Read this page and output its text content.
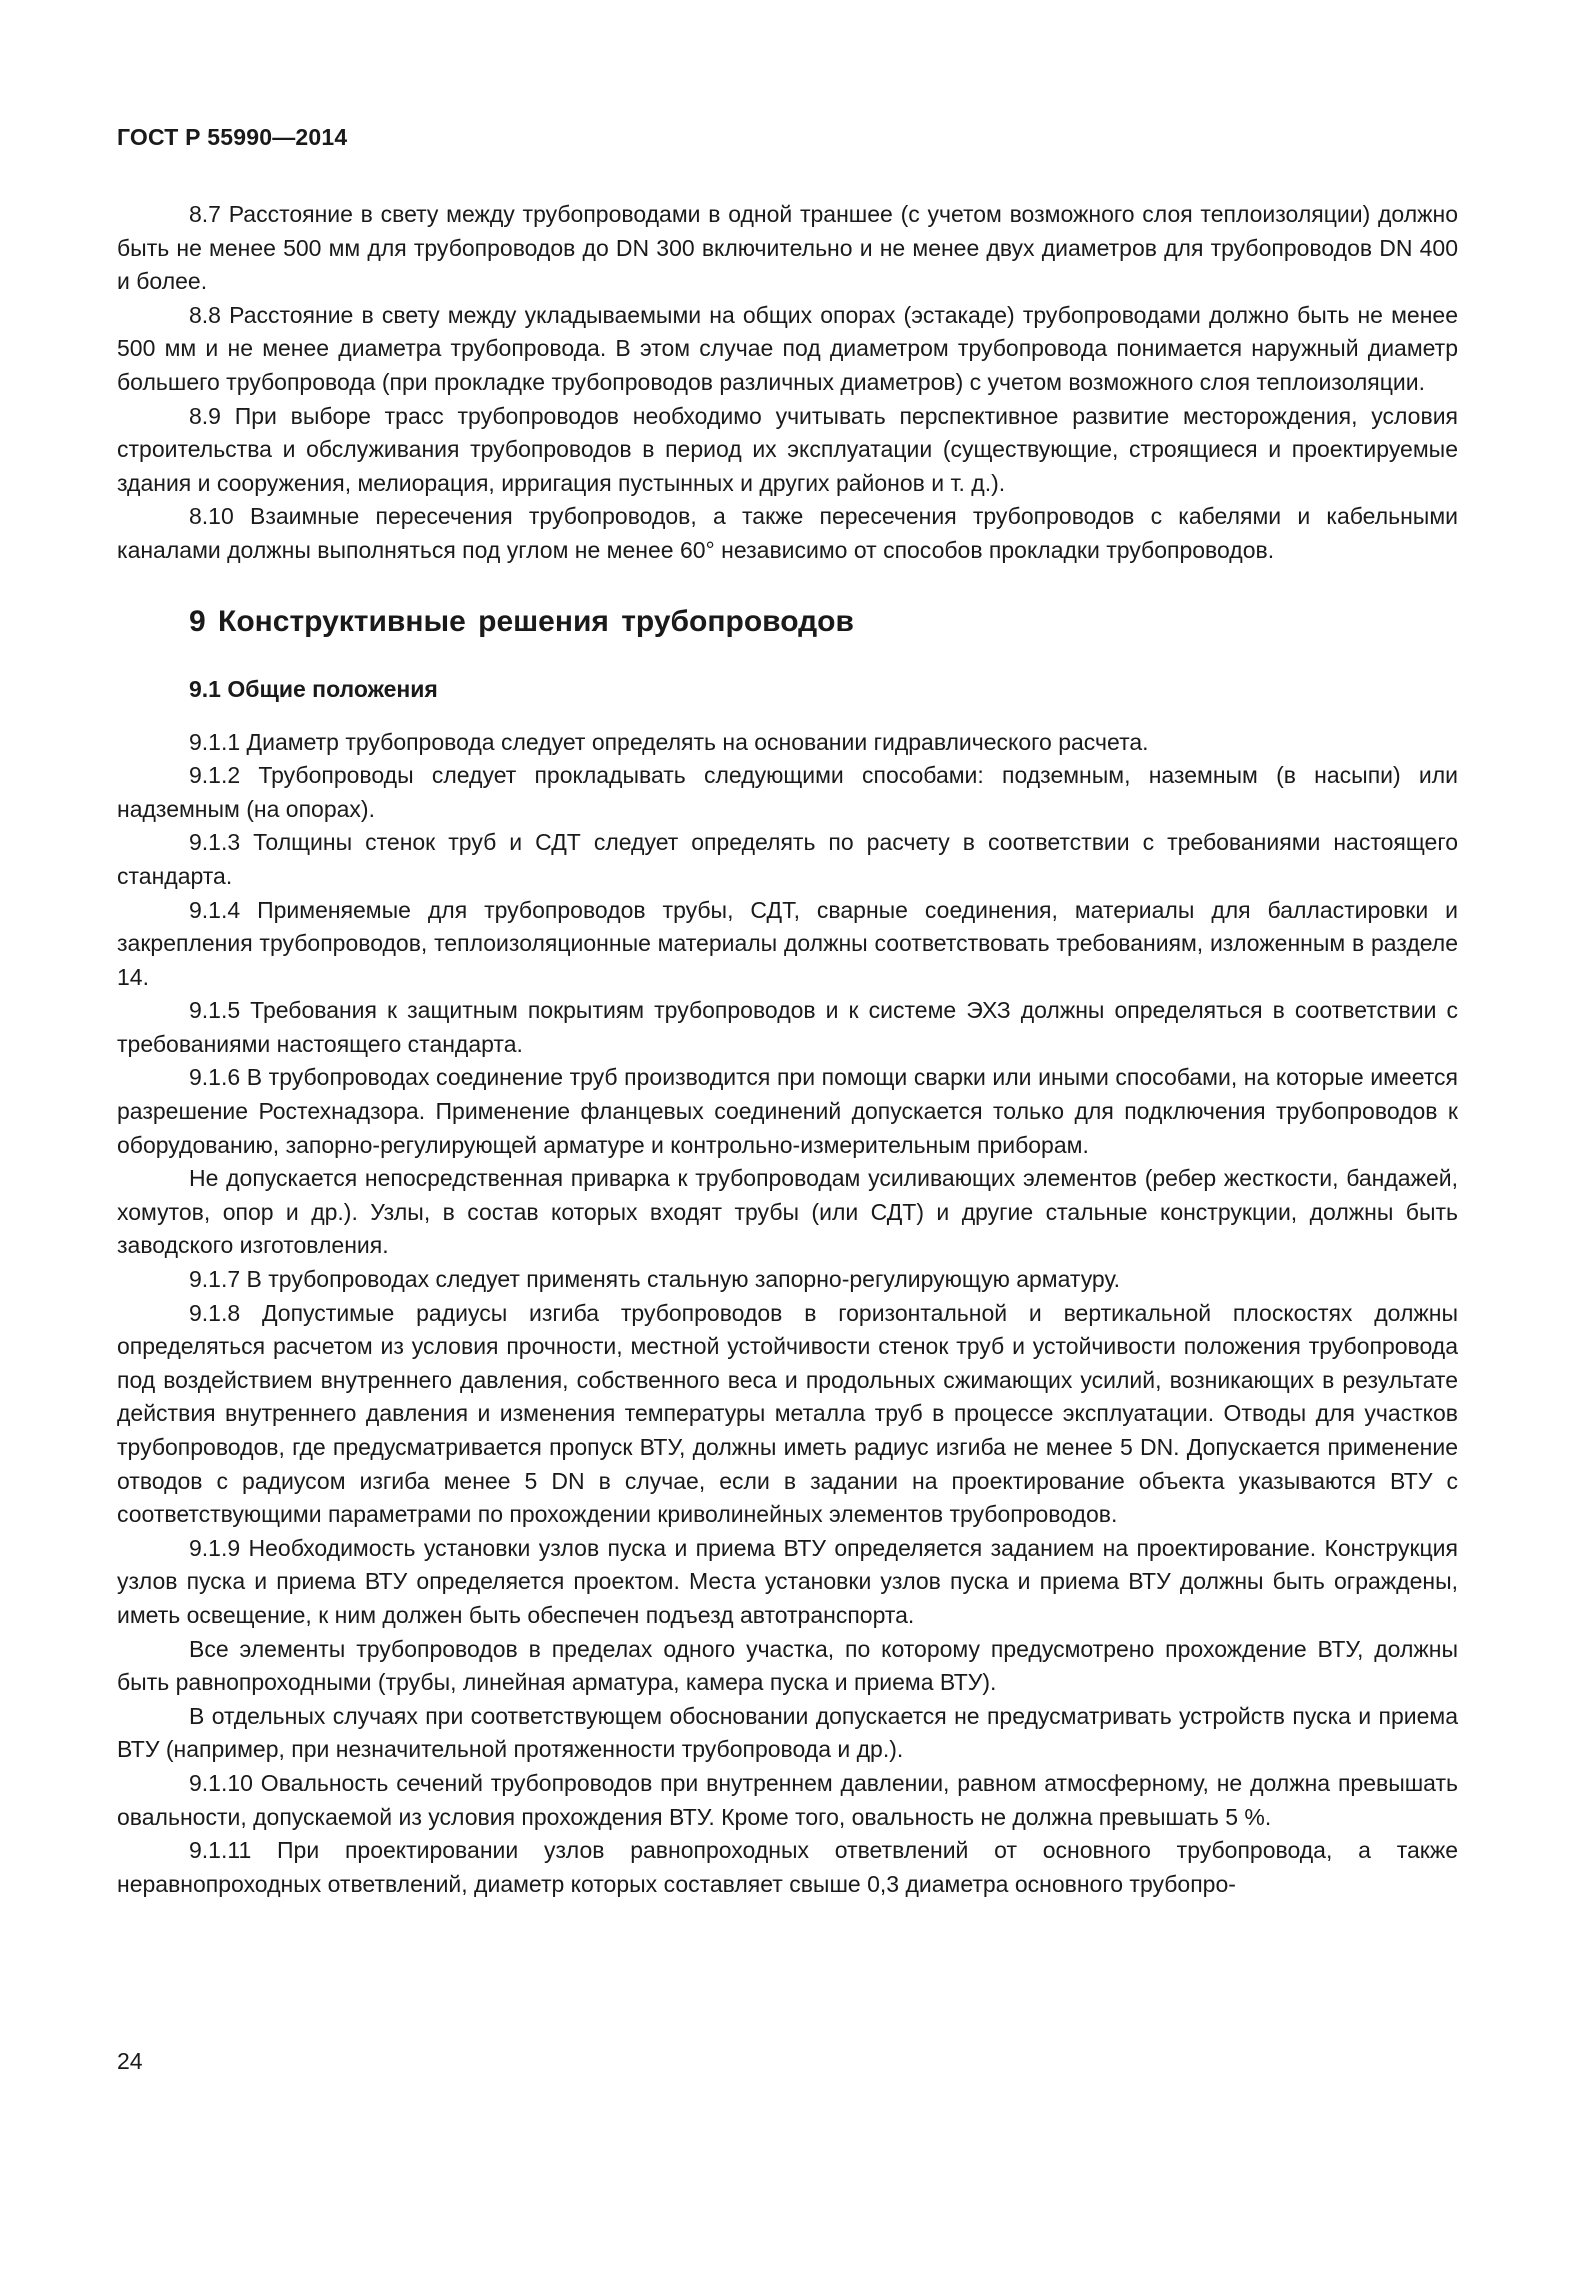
ГОСТ Р 55990—2014

8.7 Расстояние в свету между трубопроводами в одной траншее (с учетом возможного слоя теплоизоляции) должно быть не менее 500 мм для трубопроводов до DN 300 включительно и не менее двух диаметров для трубопроводов DN 400 и более.

8.8 Расстояние в свету между укладываемыми на общих опорах (эстакаде) трубопроводами должно быть не менее 500 мм и не менее диаметра трубопровода. В этом случае под диаметром трубопровода понимается наружный диаметр большего трубопровода (при прокладке трубопроводов различных диаметров) с учетом возможного слоя теплоизоляции.

8.9 При выборе трасс трубопроводов необходимо учитывать перспективное развитие месторождения, условия строительства и обслуживания трубопроводов в период их эксплуатации (существующие, строящиеся и проектируемые здания и сооружения, мелиорация, ирригация пустынных и других районов и т. д.).

8.10 Взаимные пересечения трубопроводов, а также пересечения трубопроводов с кабелями и кабельными каналами должны выполняться под углом не менее 60° независимо от способов прокладки трубопроводов.

9 Конструктивные решения трубопроводов
9.1 Общие положения

9.1.1 Диаметр трубопровода следует определять на основании гидравлического расчета.

9.1.2 Трубопроводы следует прокладывать следующими способами: подземным, наземным (в насыпи) или надземным (на опорах).

9.1.3 Толщины стенок труб и СДТ следует определять по расчету в соответствии с требованиями настоящего стандарта.

9.1.4 Применяемые для трубопроводов трубы, СДТ, сварные соединения, материалы для балластировки и закрепления трубопроводов, теплоизоляционные материалы должны соответствовать требованиям, изложенным в разделе 14.

9.1.5 Требования к защитным покрытиям трубопроводов и к системе ЭХЗ должны определяться в соответствии с требованиями настоящего стандарта.

9.1.6 В трубопроводах соединение труб производится при помощи сварки или иными способами, на которые имеется разрешение Ростехнадзора. Применение фланцевых соединений допускается только для подключения трубопроводов к оборудованию, запорно-регулирующей арматуре и контрольно-измерительным приборам.

Не допускается непосредственная приварка к трубопроводам усиливающих элементов (ребер жесткости, бандажей, хомутов, опор и др.). Узлы, в состав которых входят трубы (или СДТ) и другие стальные конструкции, должны быть заводского изготовления.

9.1.7 В трубопроводах следует применять стальную запорно-регулирующую арматуру.

9.1.8 Допустимые радиусы изгиба трубопроводов в горизонтальной и вертикальной плоскостях должны определяться расчетом из условия прочности, местной устойчивости стенок труб и устойчивости положения трубопровода под воздействием внутреннего давления, собственного веса и продольных сжимающих усилий, возникающих в результате действия внутреннего давления и изменения температуры металла труб в процессе эксплуатации. Отводы для участков трубопроводов, где предусматривается пропуск ВТУ, должны иметь радиус изгиба не менее 5 DN. Допускается применение отводов с радиусом изгиба менее 5 DN в случае, если в задании на проектирование объекта указываются ВТУ с соответствующими параметрами по прохождении криволинейных элементов трубопроводов.

9.1.9 Необходимость установки узлов пуска и приема ВТУ определяется заданием на проектирование. Конструкция узлов пуска и приема ВТУ определяется проектом. Места установки узлов пуска и приема ВТУ должны быть ограждены, иметь освещение, к ним должен быть обеспечен подъезд автотранспорта.

Все элементы трубопроводов в пределах одного участка, по которому предусмотрено прохождение ВТУ, должны быть равнопроходными (трубы, линейная арматура, камера пуска и приема ВТУ).

В отдельных случаях при соответствующем обосновании допускается не предусматривать устройств пуска и приема ВТУ (например, при незначительной протяженности трубопровода и др.).

9.1.10 Овальность сечений трубопроводов при внутреннем давлении, равном атмосферному, не должна превышать овальности, допускаемой из условия прохождения ВТУ. Кроме того, овальность не должна превышать 5 %.

9.1.11 При проектировании узлов равнопроходных ответвлений от основного трубопровода, а также неравнопроходных ответвлений, диаметр которых составляет свыше 0,3 диаметра основного трубопро-

24
